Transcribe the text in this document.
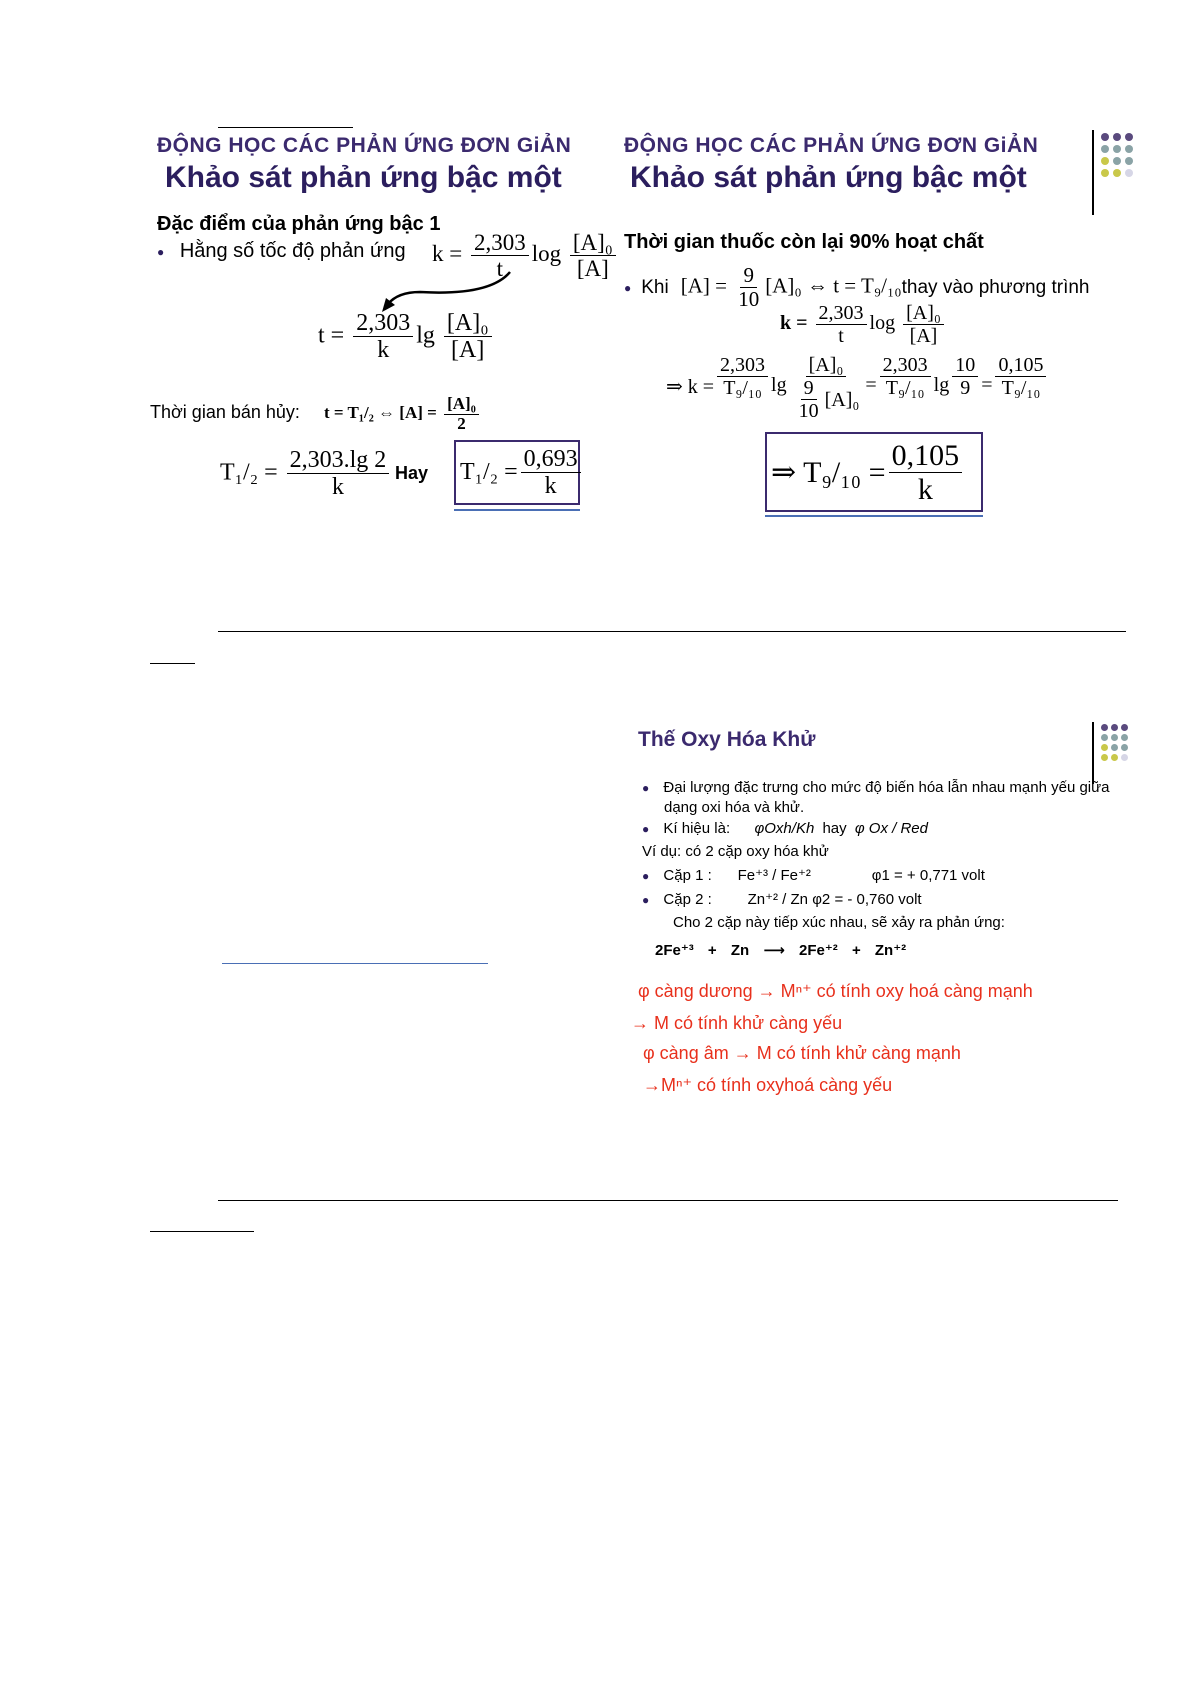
ĐỘNG HỌC CÁC PHẢN ỨNG ĐƠN GiẢN
Khảo sát phản ứng bậc một
Đặc điểm của phản ứng bậc 1
● Hằng số tốc độ phản ứng $k = \frac{2,303}{t}$ $\log \frac{\text{[A]₀}}{[A]}$
$t = \frac{2,303}{k}$ $\lg \frac{\text{[A]₀}}{[A]}$
Thời gian bán hủy: t = T₁/₂ ⇔ $[A] = \frac{\text{[A]₀}}{2}$
$T_1/_2 = \frac{2,303.\lg 2}{k}$ Hay $T_1/_2 = \frac{0,693}{k}$
ĐỘNG HỌC CÁC PHẢN ỨNG ĐƠN GiẢN
Khảo sát phản ứng bậc một
Thời gian thuốc còn lại 90% hoạt chất
● Khi $[A] = \frac{9}{10} [A]_0$ ⇔ t = T₉/₁₀ thay vào phương trình
$k = \frac{2,303}{t}$ $\log \frac{\text{[A]₀}}{[A]}$
⇒ $k = \frac{2,303}{\text{T₉/₁₀}}$ $\lg \frac{\text{[A]₀}}{\frac{9}{10} [A]_0} = \frac{2,303}{\text{T₉/₁₀}}$ $\lg \frac{10}{9} = \frac{0,105}{\text{T₉/₁₀}}$
⇒ $T_9/_{10} = \frac{0,105}{k}$
Thế Oxy Hóa Khử
● Đại lượng đặc trưng cho mức độ biến hóa lẫn nhau mạnh yếu giữa dạng oxi hóa và khử.
● Kí hiệu là: φOxh/Kh hay φ Ox / Red
Ví dụ: có 2 cặp oxy hóa khử
● Cặp 1 : Fe⁺³ / Fe⁺²	φ1 = + 0,771 volt
● Cặp 2 : Zn⁺² / Zn φ2 = - 0,760 volt
Cho 2 cặp này tiếp xúc nhau, sẽ xảy ra phản ứng:
2Fe⁺³ + Zn ⟶ 2Fe⁺² + Zn⁺²
φ càng dương → Mⁿ⁺ có tính oxy hoá càng mạnh
→ M có tính khử càng yếu
φ càng âm → M có tính khử càng mạnh
→Mⁿ⁺ có tính oxyhoá càng yếu
